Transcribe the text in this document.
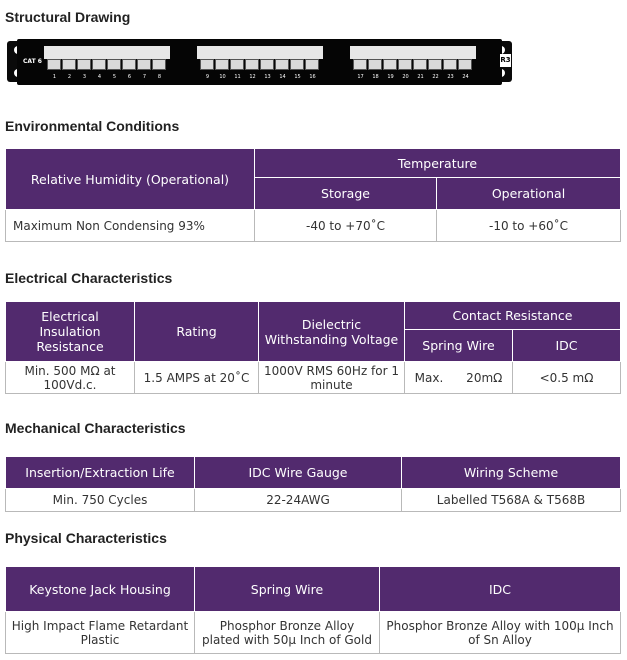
Structural Drawing
CAT 6
1	2	3	4	5	6	7	8	9	10	11	12	13	14	15	16	17	18	19	20	21	22	23	24
R3
Environmental Conditions
Relative Humidity (Operational)	Temperature	
	Storage	Operational
Maximum Non Condensing 93%	-40 to +70˚C	-10 to +60˚C
Electrical Characteristics
Electrical Insulation Resistance	Rating	Dielectric Withstanding Voltage	Contact Resistance	
			Spring Wire	IDC
Min. 500 MΩ at 100Vd.c.	1.5 AMPS at 20˚C	1000V RMS 60Hz for 1 minute	Max.      20mΩ	<0.5 mΩ
Mechanical Characteristics
Insertion/Extraction Life	IDC Wire Gauge	Wiring Scheme
Min. 750 Cycles	22-24AWG	Labelled T568A & T568B
Physical Characteristics
Keystone Jack Housing	Spring Wire	IDC
High Impact Flame Retardant Plastic	Phosphor Bronze Alloy plated with 50μ Inch of Gold	Phosphor Bronze Alloy with 100μ Inch of Sn Alloy
